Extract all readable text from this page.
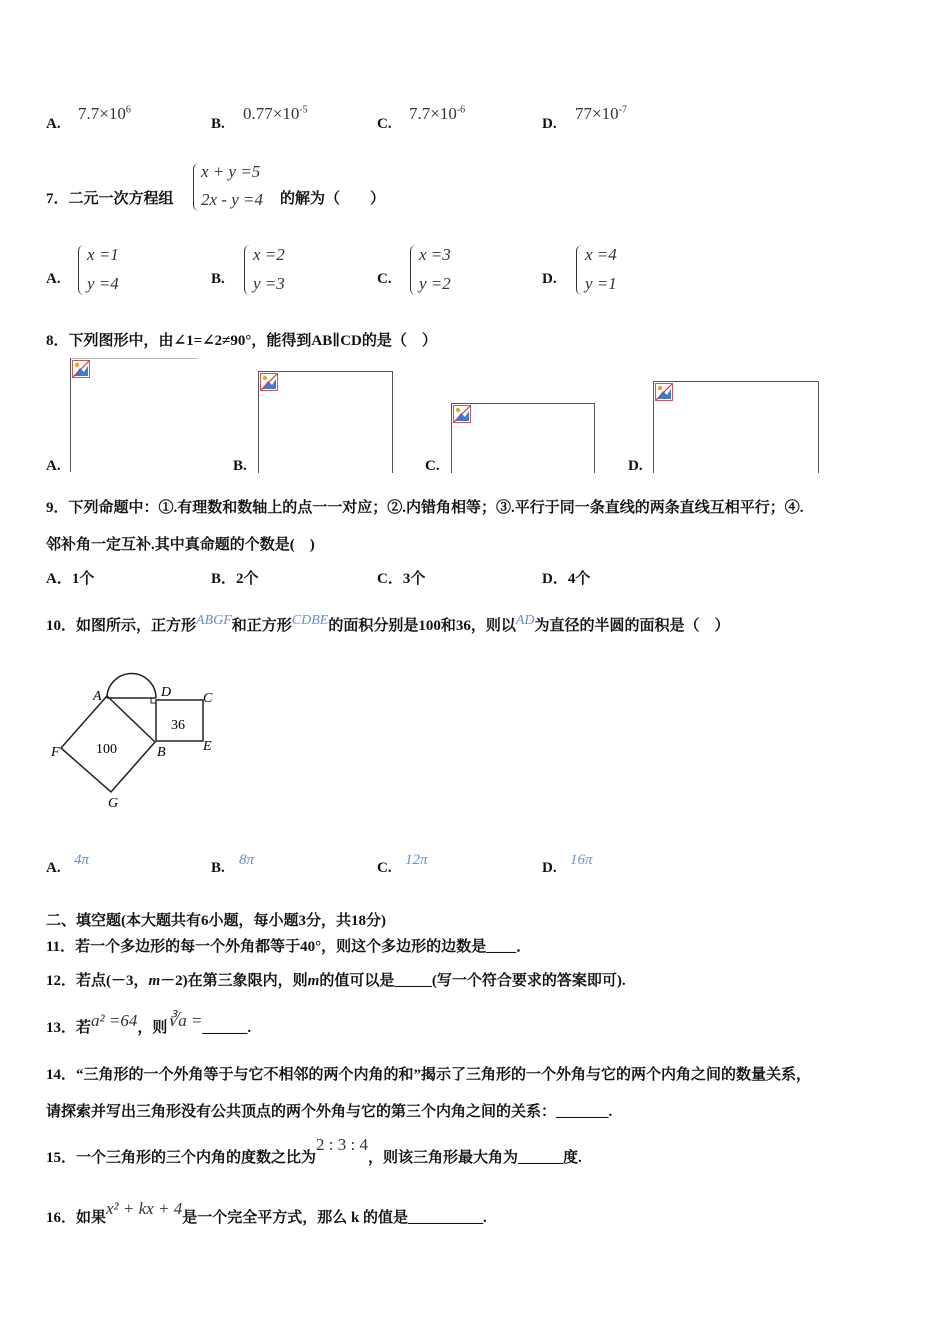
A.
$7.7\times 10^6$
B.
$0.77\times 10^{-5}$
C.
$7.7\times 10^{-6}$
D.
$77\times 10^{-7}$
7．二元一次方程组
x + y =5
2x - y =4 的解为（　　）
A.
x =1
y =4	B.
x =2
y =3	C.
x =3
y =2	D.
x =4
y =1
8．下列图形中，由∠1=∠2≠90°，能得到AB∥CD的是（　）
A.	B.	C.	D.
9．下列命题中：①.有理数和数轴上的点一一对应；②.内错角相等；③.平行于同一条直线的两条直线互相平行；④.
邻补角一定互补.其中真命题的个数是(　)
A．1个	B．2个	C．3个	D．4个
10．如图所示，正方形ABGF和正方形CDBE的面积分别是100和36，则以AD为直径的半圆的面积是（　）
A	D C
F	B	E
G
100
36
A. 4π	B. 8π	C. 12π	D. 16π
二、填空题(本大题共有6小题，每小题3分，共18分)
11．若一个多边形的每一个外角都等于40°，则这个多边形的边数是____．
12．若点(－3，m－2)在第三象限内，则m的值可以是_____(写一个符合要求的答案即可).
13．若a² =64，则∛a =______.
14．“三角形的一个外角等于与它不相邻的两个内角的和”揭示了三角形的一个外角与它的两个内角之间的数量关系，
请探索并写出三角形没有公共顶点的两个外角与它的第三个内角之间的关系：_______.
15．一个三角形的三个内角的度数之比为2 : 3 : 4，则该三角形最大角为______度.
16．如果x² + kx + 4是一个完全平方式，那么 k 的值是__________.
